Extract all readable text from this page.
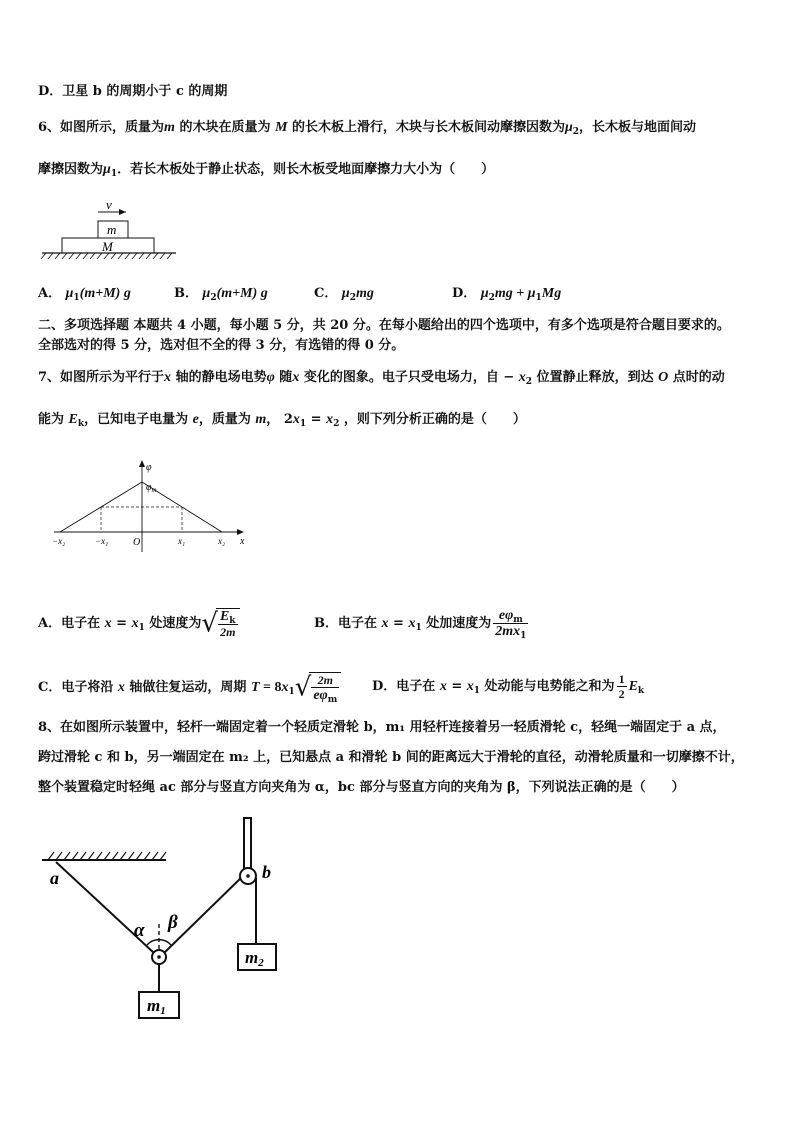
D．卫星 b 的周期小于 c 的周期
6、如图所示，质量为m 的木块在质量为 M 的长木板上滑行，木块与长木板间动摩擦因数为$\mu_2$，长木板与地面间动
摩擦因数为$\mu_1$．若长木板处于静止状态，则长木板受地面摩擦力大小为（　　）
v
m
M
A． $\mu_1(m+M)$ g	B． $\mu_2(m+M)$ g	C． $\mu_2mg$	D． $\mu_2mg + \mu_1Mg$
二、多项选择题 本题共 4 小题，每小题 5 分，共 20 分。在每小题给出的四个选项中，有多个选项是符合题目要求的。
全部选对的得 5 分，选对但不全的得 3 分，有选错的得 0 分。
7、如图所示为平行于x 轴的静电场电势φ 随x 变化的图象。电子只受电场力，自 − $x_2$ 位置静止释放，到达 O 点时的动
能为 $E_k$，已知电子电量为 e，质量为 m， $2x_1 = x_2$ ，则下列分析正确的是（　　）
φ
$\varphi_m$
x
O
−x₂	−x₁	x₁	x₂
A．电子在 $x = x_1$ 处速度为√ $\frac{E_k}{2m}$	B．电子在 $x = x_1$ 处加速度为 $\frac{e\varphi_m}{2mx_1}$
C．电子将沿 x 轴做往复运动，周期 $T = 8x_1√ \frac{2m}{e\varphi_m}$	D．电子在 $x = x_1$ 处动能与电势能之和为 $\frac{1}{2} E_k$
8、在如图所示装置中，轻杆一端固定着一个轻质定滑轮 b，m₁ 用轻杆连接着另一轻质滑轮 c，轻绳一端固定于 a 点，
跨过滑轮 c 和 b，另一端固定在 m₂ 上，已知悬点 a 和滑轮 b 间的距离远大于滑轮的直径，动滑轮质量和一切摩擦不计，
整个装置稳定时轻绳 ac 部分与竖直方向夹角为 α，bc 部分与竖直方向的夹角为 β，下列说法正确的是（　　）
a
α β
m1
b
m2
